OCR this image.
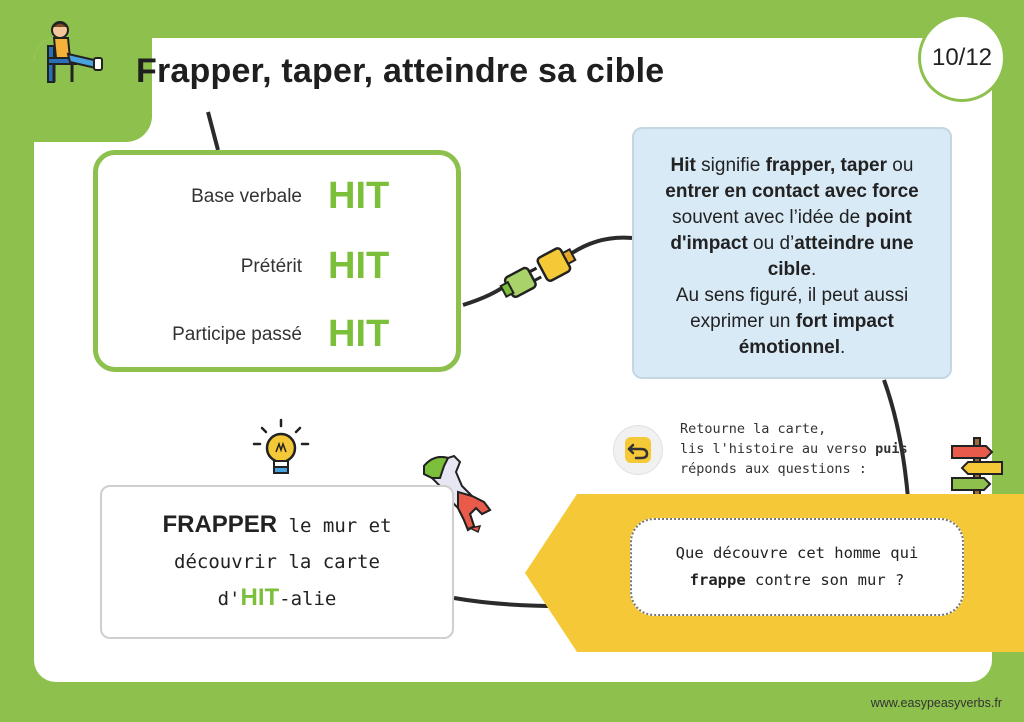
Frapper, taper, atteindre sa cible	10/12
Base verbale HIT
Prétérit HIT
Participe passé HIT
Hit signifie frapper, taper ou entrer en contact avec force souvent avec l’idée de point d'impact ou d’atteindre une cible.
Au sens figuré, il peut aussi exprimer un fort impact émotionnel.
Retourne la carte,
lis l'histoire au verso puis
réponds aux questions :
Que découvre cet homme qui
frappe contre son mur ?
FRAPPER le mur et
découvrir la carte
d'HIT-alie
www.easypeasyverbs.fr
